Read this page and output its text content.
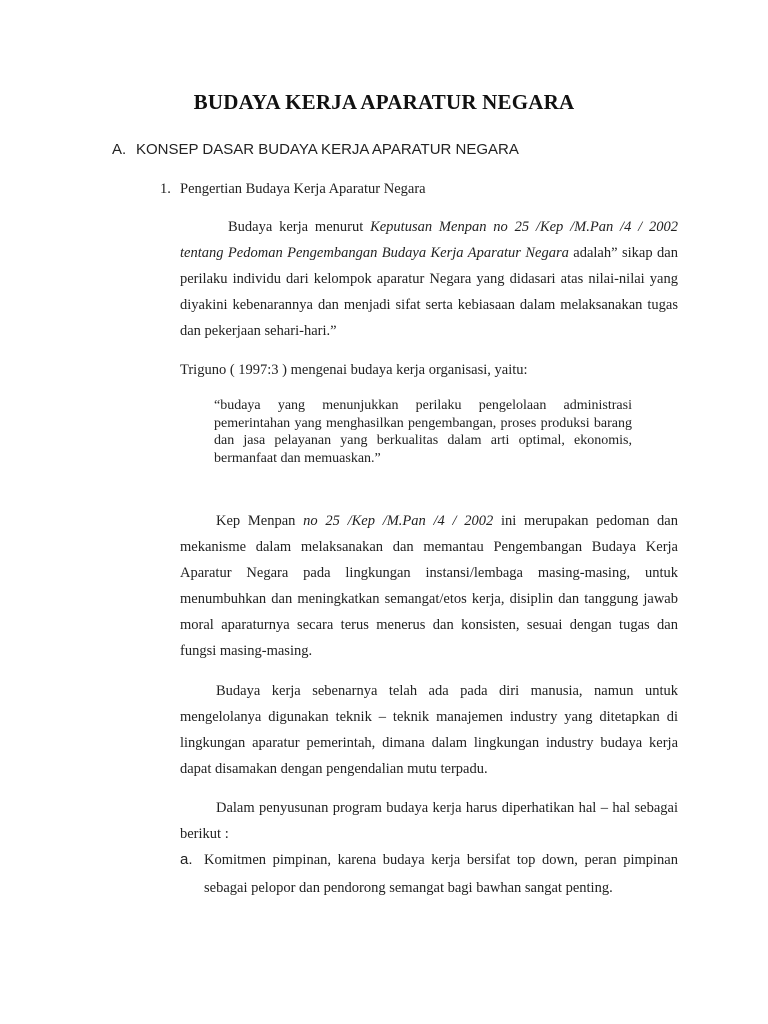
BUDAYA KERJA APARATUR NEGARA
A. KONSEP DASAR BUDAYA KERJA APARATUR NEGARA
1. Pengertian Budaya Kerja Aparatur Negara
Budaya kerja menurut Keputusan Menpan no 25 /Kep /M.Pan /4 / 2002 tentang Pedoman Pengembangan Budaya Kerja Aparatur Negara adalah” sikap dan perilaku individu dari kelompok aparatur Negara yang didasari atas nilai-nilai yang diyakini kebenarannya dan menjadi sifat serta kebiasaan dalam melaksanakan tugas dan pekerjaan sehari-hari.”
Triguno ( 1997:3 ) mengenai budaya kerja organisasi, yaitu:
“budaya yang menunjukkan perilaku pengelolaan administrasi pemerintahan yang menghasilkan pengembangan, proses produksi barang dan jasa pelayanan yang berkualitas dalam arti optimal, ekonomis, bermanfaat dan memuaskan.”
Kep Menpan no 25 /Kep /M.Pan /4 / 2002 ini merupakan pedoman dan mekanisme dalam melaksanakan dan memantau Pengembangan Budaya Kerja Aparatur Negara pada lingkungan instansi/lembaga masing-masing, untuk menumbuhkan dan meningkatkan semangat/etos kerja, disiplin dan tanggung jawab moral aparaturnya secara terus menerus dan konsisten, sesuai dengan tugas dan fungsi masing-masing.
Budaya kerja sebenarnya telah ada pada diri manusia, namun untuk mengelolanya digunakan teknik – teknik manajemen industry yang ditetapkan di lingkungan aparatur pemerintah, dimana dalam lingkungan industry budaya kerja dapat disamakan dengan pengendalian mutu terpadu.
Dalam penyusunan program budaya kerja harus diperhatikan hal – hal sebagai berikut :
a. Komitmen pimpinan, karena budaya kerja bersifat top down, peran pimpinan sebagai pelopor dan pendorong semangat bagi bawhan sangat penting.
